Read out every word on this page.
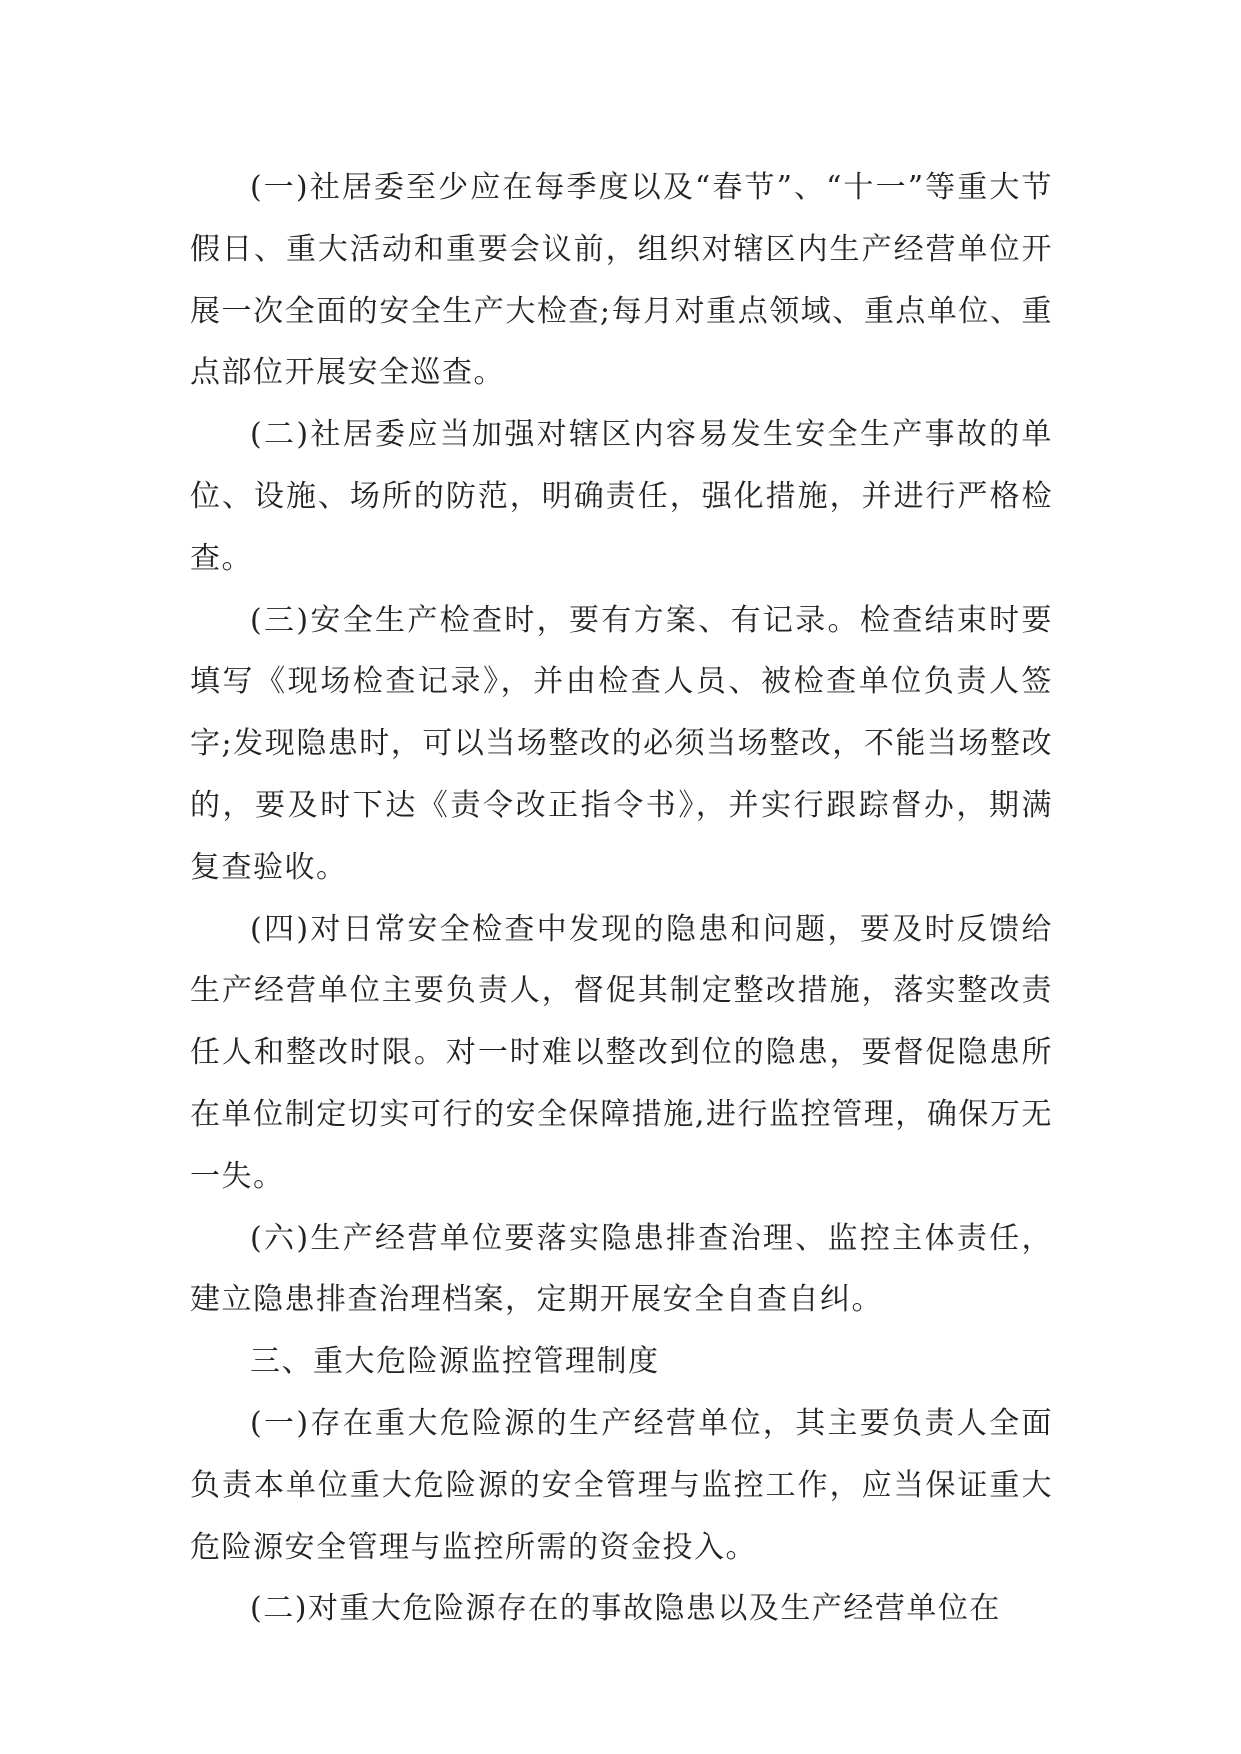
(一)社居委至少应在每季度以及“春节”、“十一”等重大节假日、重大活动和重要会议前，组织对辖区内生产经营单位开展一次全面的安全生产大检查;每月对重点领域、重点单位、重点部位开展安全巡查。

(二)社居委应当加强对辖区内容易发生安全生产事故的单位、设施、场所的防范，明确责任，强化措施，并进行严格检查。

(三)安全生产检查时，要有方案、有记录。检查结束时要填写《现场检查记录》，并由检查人员、被检查单位负责人签字;发现隐患时，可以当场整改的必须当场整改，不能当场整改的，要及时下达《责令改正指令书》，并实行跟踪督办，期满复查验收。

(四)对日常安全检查中发现的隐患和问题，要及时反馈给生产经营单位主要负责人，督促其制定整改措施，落实整改责任人和整改时限。对一时难以整改到位的隐患，要督促隐患所在单位制定切实可行的安全保障措施,进行监控管理，确保万无一失。

(六)生产经营单位要落实隐患排查治理、监控主体责任，建立隐患排查治理档案，定期开展安全自查自纠。

三、重大危险源监控管理制度

(一)存在重大危险源的生产经营单位，其主要负责人全面负责本单位重大危险源的安全管理与监控工作，应当保证重大危险源安全管理与监控所需的资金投入。

(二)对重大危险源存在的事故隐患以及生产经营单位在
